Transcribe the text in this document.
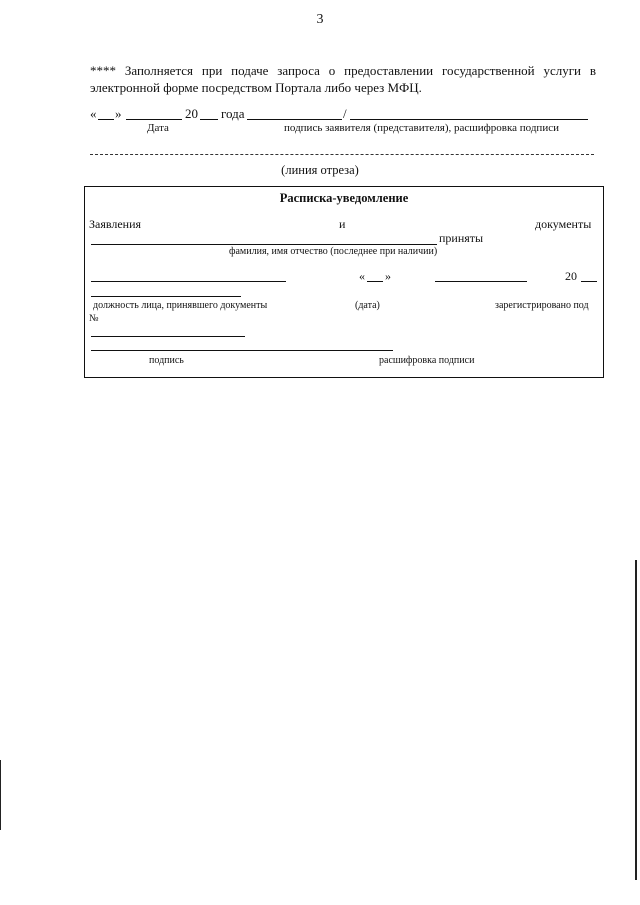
3
**** Заполняется при подаче запроса о предоставлении государственной услуги в электронной форме посредством Портала либо через МФЦ.
« »	20 года	/
Дата	подпись заявителя (представителя), расшифровка подписи
(линия отреза)
Расписка-уведомление
Заявления	и	документы
приняты
фамилия, имя отчество (последнее при наличии)
« »	20
должность лица, принявшего документы	(дата)	зарегистрировано под
№
подпись	расшифровка подписи
